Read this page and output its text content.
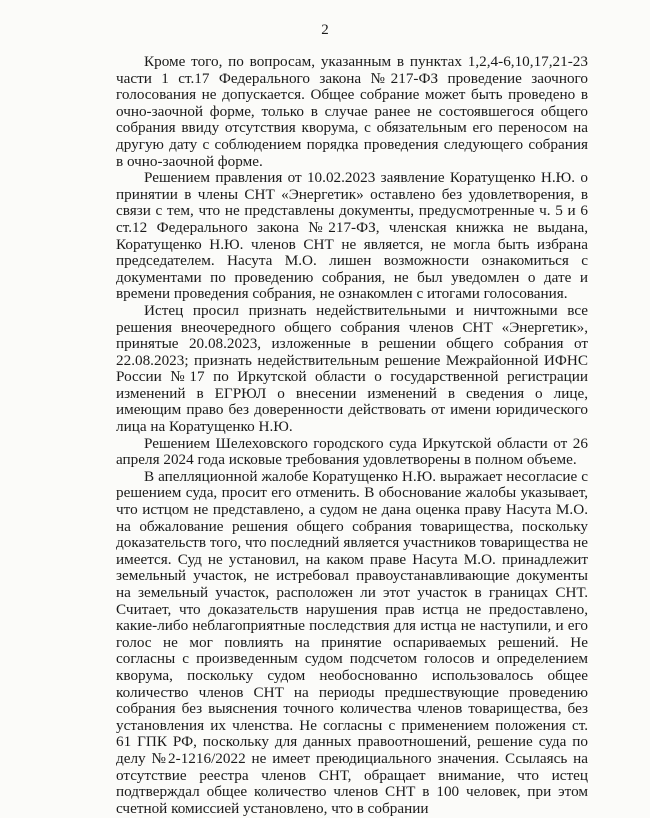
2

Кроме того, по вопросам, указанным в пунктах 1,2,4-6,10,17,21-23 части 1 ст.17 Федерального закона №217-ФЗ проведение заочного голосования не допускается. Общее собрание может быть проведено в очно-заочной форме, только в случае ранее не состоявшегося общего собрания ввиду отсутствия кворума, с обязательным его переносом на другую дату с соблюдением порядка проведения следующего собрания в очно-заочной форме.

Решением правления от 10.02.2023 заявление Коратущенко Н.Ю. о принятии в члены СНТ «Энергетик» оставлено без удовлетворения, в связи с тем, что не представлены документы, предусмотренные ч. 5 и 6 ст.12 Федерального закона №217-ФЗ, членская книжка не выдана, Коратущенко Н.Ю. членов СНТ не является, не могла быть избрана председателем. Насута М.О. лишен возможности ознакомиться с документами по проведению собрания, не был уведомлен о дате и времени проведения собрания, не ознакомлен с итогами голосования.

Истец просил признать недействительными и ничтожными все решения внеочередного общего собрания членов СНТ «Энергетик», принятые 20.08.2023, изложенные в решении общего собрания от 22.08.2023; признать недействительным решение Межрайонной ИФНС России №17 по Иркутской области о государственной регистрации изменений в ЕГРЮЛ о внесении изменений в сведения о лице, имеющим право без доверенности действовать от имени юридического лица на Коратущенко Н.Ю.

Решением Шелеховского городского суда Иркутской области от 26 апреля 2024 года исковые требования удовлетворены в полном объеме.

В апелляционной жалобе Коратущенко Н.Ю. выражает несогласие с решением суда, просит его отменить. В обоснование жалобы указывает, что истцом не представлено, а судом не дана оценка праву Насута М.О. на обжалование решения общего собрания товарищества, поскольку доказательств того, что последний является участников товарищества не имеется. Суд не установил, на каком праве Насута М.О. принадлежит земельный участок, не истребовал правоустанавливающие документы на земельный участок, расположен ли этот участок в границах СНТ. Считает, что доказательств нарушения прав истца не предоставлено, какие-либо неблагоприятные последствия для истца не наступили, и его голос не мог повлиять на принятие оспариваемых решений. Не согласны с произведенным судом подсчетом голосов и определением кворума, поскольку судом необоснованно использовалось общее количество членов СНТ на периоды предшествующие проведению собрания без выяснения точного количества членов товарищества, без установления их членства. Не согласны с применением положения ст. 61 ГПК РФ, поскольку для данных правоотношений, решение суда по делу №2-1216/2022 не имеет преюдициального значения. Ссылаясь на отсутствие реестра членов СНТ, обращает внимание, что истец подтверждал общее количество членов СНТ в 100 человек, при этом счетной комиссией установлено, что в собрании
